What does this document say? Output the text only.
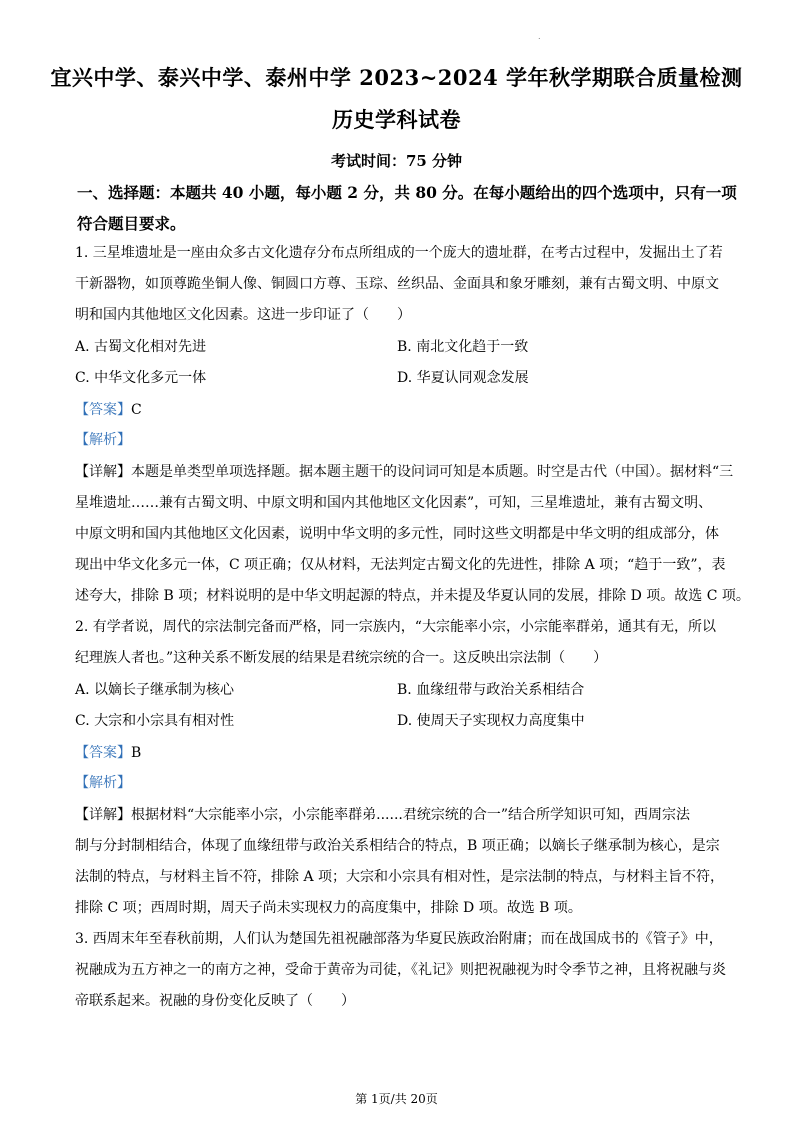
.
宜兴中学、泰兴中学、泰州中学 2023~2024 学年秋学期联合质量检测
历史学科试卷
考试时间：75 分钟
一、选择题：本题共 40 小题，每小题 2 分，共 80 分。在每小题给出的四个选项中，只有一项
符合题目要求。
1. 三星堆遗址是一座由众多古文化遗存分布点所组成的一个庞大的遗址群，在考古过程中，发掘出土了若
干新器物，如顶尊跪坐铜人像、铜圆口方尊、玉琮、丝织品、金面具和象牙雕刻，兼有古蜀文明、中原文
明和国内其他地区文化因素。这进一步印证了（　　）
A. 古蜀文化相对先进	B. 南北文化趋于一致
C. 中华文化多元一体	D. 华夏认同观念发展
【答案】C
【解析】
【详解】本题是单类型单项选择题。据本题主题干的设问词可知是本质题。时空是古代（中国）。据材料“三
星堆遗址……兼有古蜀文明、中原文明和国内其他地区文化因素”，可知，三星堆遗址，兼有古蜀文明、
中原文明和国内其他地区文化因素，说明中华文明的多元性，同时这些文明都是中华文明的组成部分，体
现出中华文化多元一体，C 项正确；仅从材料，无法判定古蜀文化的先进性，排除 A 项；“趋于一致”，表
述夸大，排除 B 项；材料说明的是中华文明起源的特点，并未提及华夏认同的发展，排除 D 项。故选 C 项。
2. 有学者说，周代的宗法制完备而严格，同一宗族内，“大宗能率小宗，小宗能率群弟，通其有无，所以
纪理族人者也。”这种关系不断发展的结果是君统宗统的合一。这反映出宗法制（　　）
A. 以嫡长子继承制为核心	B. 血缘纽带与政治关系相结合
C. 大宗和小宗具有相对性	D. 使周天子实现权力高度集中
【答案】B
【解析】
【详解】根据材料“大宗能率小宗，小宗能率群弟......君统宗统的合一”结合所学知识可知，西周宗法
制与分封制相结合，体现了血缘纽带与政治关系相结合的特点，B 项正确；以嫡长子继承制为核心，是宗
法制的特点，与材料主旨不符，排除 A 项；大宗和小宗具有相对性，是宗法制的特点，与材料主旨不符，
排除 C 项；西周时期，周天子尚未实现权力的高度集中，排除 D 项。故选 B 项。
3. 西周末年至春秋前期，人们认为楚国先祖祝融部落为华夏民族政治附庸；而在战国成书的《管子》中，
祝融成为五方神之一的南方之神，受命于黄帝为司徒，《礼记》则把祝融视为时令季节之神，且将祝融与炎
帝联系起来。祝融的身份变化反映了（　　）
第 1页/共 20页
